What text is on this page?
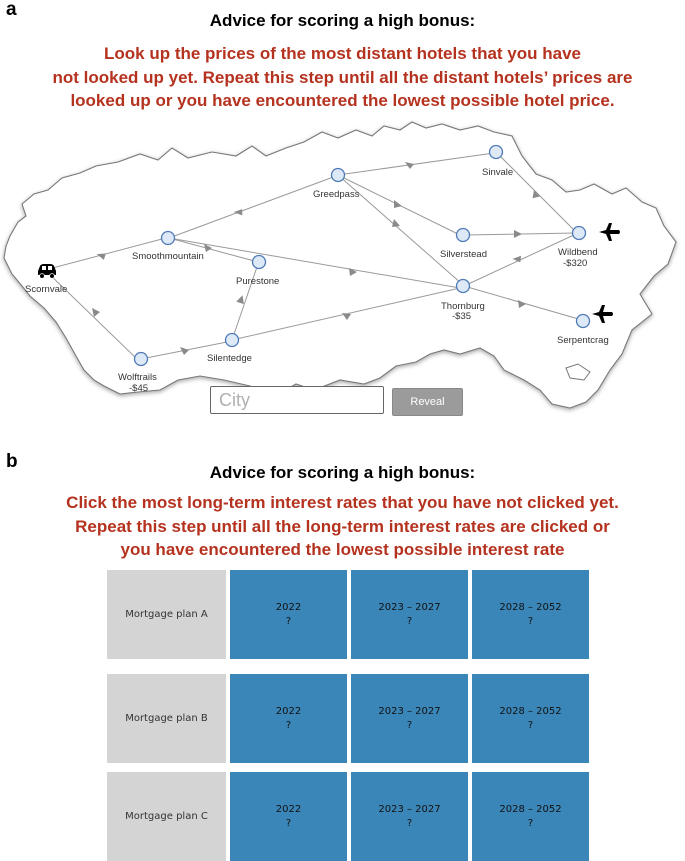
a
Advice for scoring a high bonus:
Look up the prices of the most distant hotels that you have
not looked up yet. Repeat this step until all the distant hotels’ prices are
looked up or you have encountered the lowest possible hotel price.
Scornvale
Smoothmountain
Greedpass
Sinvale
Purestone
Silverstead	Wildbend
-$320
Thornburg
-$35
Serpentcrag
Silentedge
Wolftrails
-$45
City
Reveal
b
Advice for scoring a high bonus:
Click the most long-term interest rates that you have not clicked yet.
Repeat this step until all the long-term interest rates are clicked or
you have encountered the lowest possible interest rate
Mortgage plan A
2022
?
2023 – 2027
?
2028 – 2052
?
Mortgage plan B
2022
?
2023 – 2027
?
2028 – 2052
?
Mortgage plan C
2022
?
2023 – 2027
?
2028 – 2052
?
